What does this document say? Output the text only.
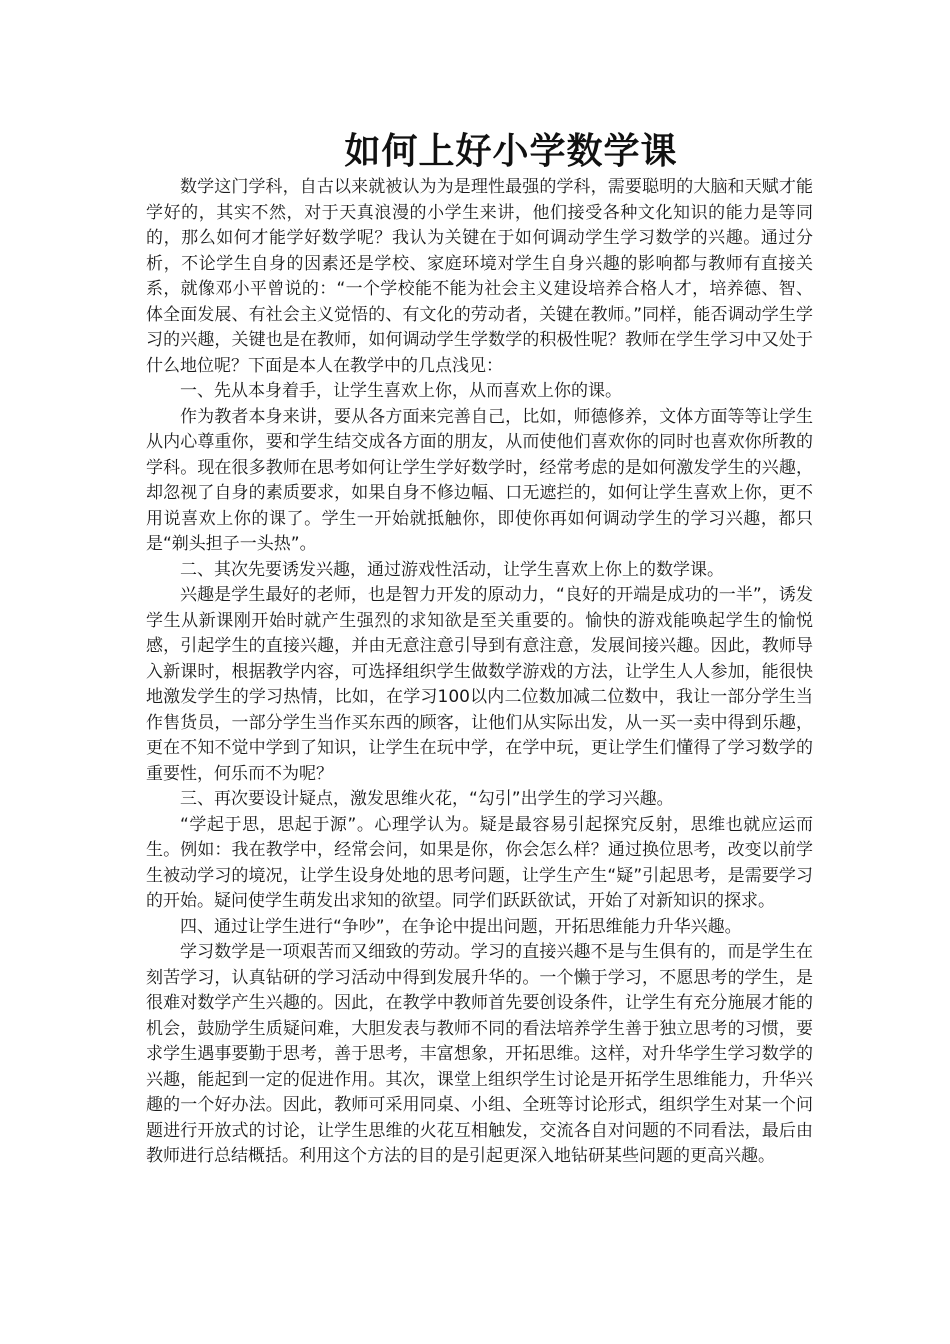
如何上好小学数学课

数学这门学科，自古以来就被认为为是理性最强的学科，需要聪明的大脑和天赋才能学好的，其实不然，对于天真浪漫的小学生来讲，他们接受各种文化知识的能力是等同的，那么如何才能学好数学呢？我认为关键在于如何调动学生学习数学的兴趣。通过分析，不论学生自身的因素还是学校、家庭环境对学生自身兴趣的影响都与教师有直接关系，就像邓小平曾说的：“一个学校能不能为社会主义建设培养合格人才，培养德、智、体全面发展、有社会主义觉悟的、有文化的劳动者，关键在教师。”同样，能否调动学生学习的兴趣，关键也是在教师，如何调动学生学数学的积极性呢？教师在学生学习中又处于什么地位呢？下面是本人在教学中的几点浅见：

一、先从本身着手，让学生喜欢上你，从而喜欢上你的课。

作为教者本身来讲，要从各方面来完善自己，比如，师德修养，文体方面等等让学生从内心尊重你，要和学生结交成各方面的朋友，从而使他们喜欢你的同时也喜欢你所教的学科。现在很多教师在思考如何让学生学好数学时，经常考虑的是如何激发学生的兴趣，却忽视了自身的素质要求，如果自身不修边幅、口无遮拦的，如何让学生喜欢上你，更不用说喜欢上你的课了。学生一开始就抵触你，即使你再如何调动学生的学习兴趣，都只是“剃头担子一头热”。

二、其次先要诱发兴趣，通过游戏性活动，让学生喜欢上你上的数学课。

兴趣是学生最好的老师，也是智力开发的原动力，“良好的开端是成功的一半”，诱发学生从新课刚开始时就产生强烈的求知欲是至关重要的。愉快的游戏能唤起学生的愉悦感，引起学生的直接兴趣，并由无意注意引导到有意注意，发展间接兴趣。因此，教师导入新课时，根据教学内容，可选择组织学生做数学游戏的方法，让学生人人参加，能很快地激发学生的学习热情，比如，在学习100以内二位数加减二位数中，我让一部分学生当作售货员，一部分学生当作买东西的顾客，让他们从实际出发，从一买一卖中得到乐趣，更在不知不觉中学到了知识，让学生在玩中学，在学中玩，更让学生们懂得了学习数学的重要性，何乐而不为呢？

三、再次要设计疑点，激发思维火花，“勾引”出学生的学习兴趣。

“学起于思，思起于源”。心理学认为。疑是最容易引起探究反射，思维也就应运而生。例如：我在教学中，经常会问，如果是你，你会怎么样？通过换位思考，改变以前学生被动学习的境况，让学生设身处地的思考问题，让学生产生“疑”引起思考，是需要学习的开始。疑问使学生萌发出求知的欲望。同学们跃跃欲试，开始了对新知识的探求。

四、通过让学生进行“争吵”，在争论中提出问题，开拓思维能力升华兴趣。

学习数学是一项艰苦而又细致的劳动。学习的直接兴趣不是与生俱有的，而是学生在刻苦学习，认真钻研的学习活动中得到发展升华的。一个懒于学习，不愿思考的学生，是很难对数学产生兴趣的。因此，在教学中教师首先要创设条件，让学生有充分施展才能的机会，鼓励学生质疑问难，大胆发表与教师不同的看法培养学生善于独立思考的习惯，要求学生遇事要勤于思考，善于思考，丰富想象，开拓思维。这样，对升华学生学习数学的兴趣，能起到一定的促进作用。其次，课堂上组织学生讨论是开拓学生思维能力，升华兴趣的一个好办法。因此，教师可采用同桌、小组、全班等讨论形式，组织学生对某一个问题进行开放式的讨论，让学生思维的火花互相触发，交流各自对问题的不同看法，最后由教师进行总结概括。利用这个方法的目的是引起更深入地钻研某些问题的更高兴趣。
